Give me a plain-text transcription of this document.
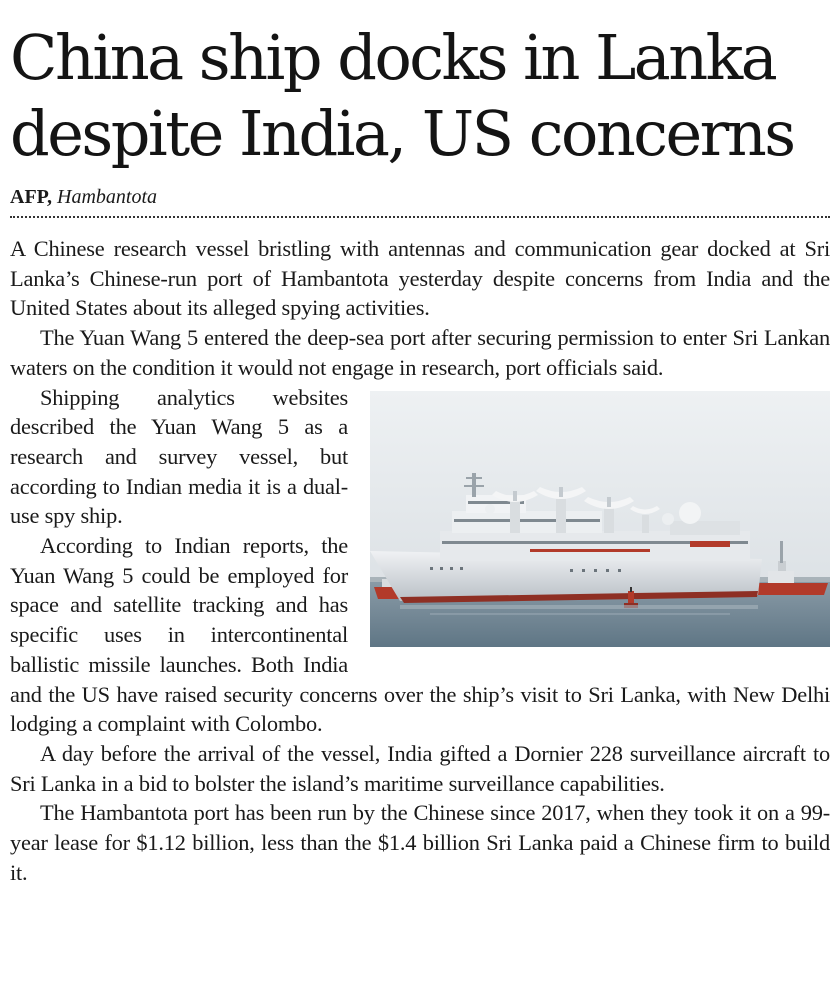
China ship docks in Lanka despite India, US concerns
AFP, Hambantota

A Chinese research vessel bristling with antennas and communication gear docked at Sri Lanka’s Chinese-run port of Hambantota yesterday despite concerns from India and the United States about its alleged spying activities.

The Yuan Wang 5 entered the deep-sea port after securing permission to enter Sri Lankan waters on the condition it would not engage in research, port officials said.

Shipping analytics websites described the Yuan Wang 5 as a research and survey vessel, but according to Indian media it is a dual-use spy ship.

According to Indian reports, the Yuan Wang 5 could be employed for space and satellite tracking and has specific uses in intercontinental ballistic missile launches. Both India and the US have raised security concerns over the ship’s visit to Sri Lanka, with New Delhi lodging a complaint with Colombo.

A day before the arrival of the vessel, India gifted a Dornier 228 surveillance aircraft to Sri Lanka in a bid to bolster the island’s maritime surveillance capabilities.

The Hambantota port has been run by the Chinese since 2017, when they took it on a 99-year lease for $1.12 billion, less than the $1.4 billion Sri Lanka paid a Chinese firm to build it.
